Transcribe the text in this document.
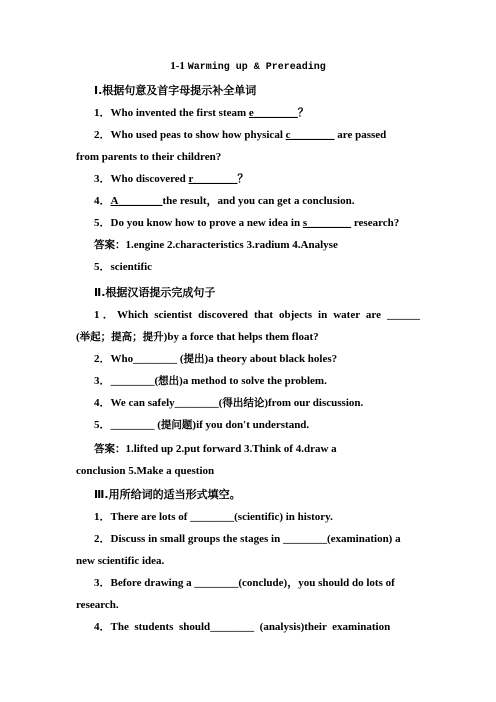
1-1 Warming up & Prereading
Ⅰ.根据句意及首字母提示补全单词
1．Who invented the first steam e________？
2．Who used peas to show how physical c________ are passed
from parents to their children?
3．Who discovered r________？
4．A________the result，and you can get a conclusion.
5．Do you know how to prove a new idea in s________ research?
答案：1.engine 2.characteristics 3.radium 4.Analyse
5．scientific
Ⅱ.根据汉语提示完成句子
1．Which scientist discovered that objects in water are ______
(举起；提高；提升)by a force that helps them float?
2．Who________ (提出)a theory about black holes?
3．________(想出)a method to solve the problem.
4．We can safely________(得出结论)from our discussion.
5．________ (提问题)if you don't understand.
答案：1.lifted up 2.put forward 3.Think of 4.draw a
conclusion 5.Make a question
Ⅲ.用所给词的适当形式填空。
1．There are lots of ________(scientific) in history.
2．Discuss in small groups the stages in ________(examination) a
new scientific idea.
3．Before drawing a ________(conclude)，you should do lots of
research.
4．The  students  should________  (analysis)their  examination
